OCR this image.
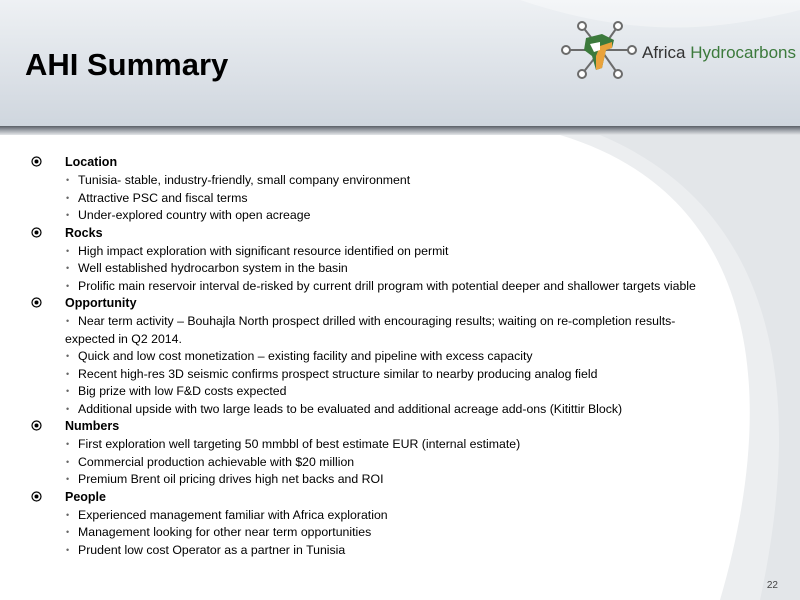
AHI Summary	Africa Hydrocarbons
Location
• Tunisia- stable, industry-friendly, small company environment
• Attractive PSC and fiscal terms
• Under-explored country with open acreage
Rocks
• High impact exploration with significant resource identified on permit
• Well established hydrocarbon system in the basin
• Prolific main reservoir interval de-risked by current drill program with potential deeper and shallower targets viable
Opportunity
• Near term activity – Bouhajla North prospect drilled with encouraging results; waiting on re-completion results-
expected in Q2 2014.
• Quick and low cost monetization – existing facility and pipeline with excess capacity
• Recent high-res 3D seismic confirms prospect structure similar to nearby producing analog field
• Big prize with low F&D costs expected
• Additional upside with two large leads to be evaluated and additional acreage add-ons (Kitittir Block)
Numbers
• First exploration well targeting 50 mmbbl of best estimate EUR (internal estimate)
• Commercial production achievable with $20 million
• Premium Brent oil pricing drives high net backs and ROI
People
• Experienced management familiar with Africa exploration
• Management looking for other near term opportunities
• Prudent low cost Operator as a partner in Tunisia
22
